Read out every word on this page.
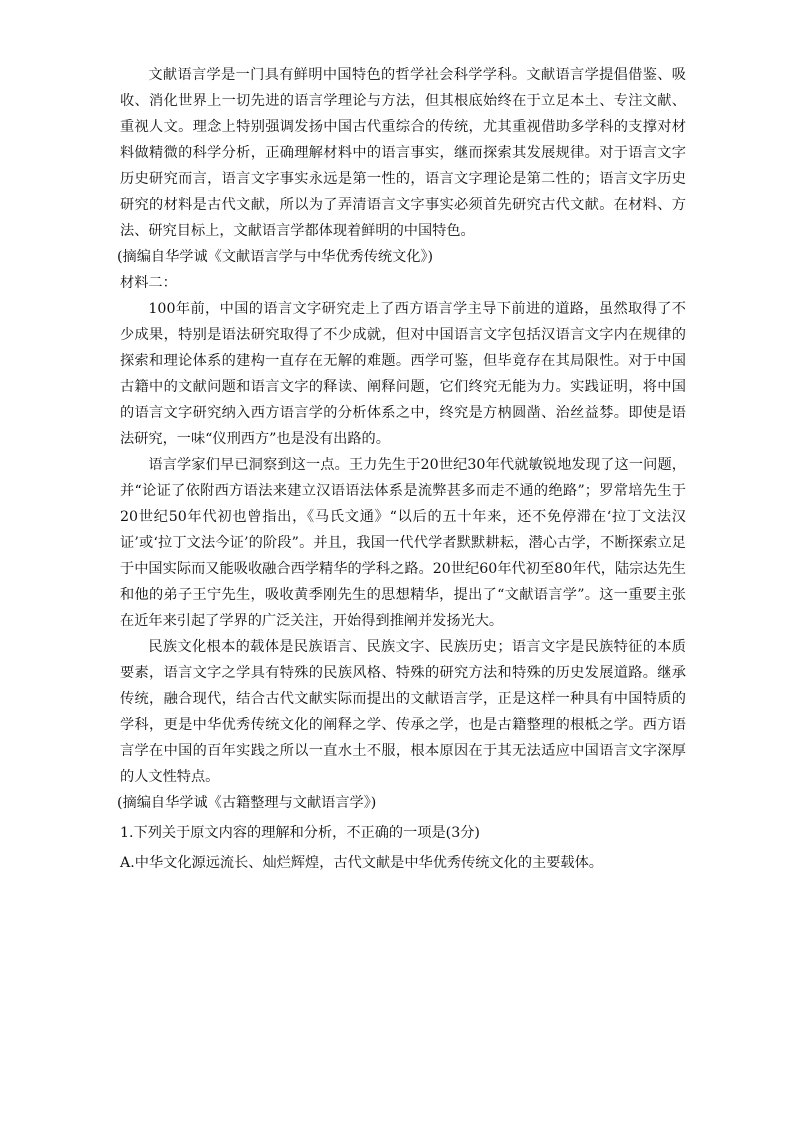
文献语言学是一门具有鲜明中国特色的哲学社会科学学科。文献语言学提倡借鉴、吸收、消化世界上一切先进的语言学理论与方法，但其根底始终在于立足本土、专注文献、重视人文。理念上特别强调发扬中国古代重综合的传统，尤其重视借助多学科的支撑对材料做精微的科学分析，正确理解材料中的语言事实，继而探索其发展规律。对于语言文字历史研究而言，语言文字事实永远是第一性的，语言文字理论是第二性的；语言文字历史研究的材料是古代文献，所以为了弄清语言文字事实必须首先研究古代文献。在材料、方法、研究目标上，文献语言学都体现着鲜明的中国特色。

(摘编自华学诚《文献语言学与中华优秀传统文化》)

材料二：

100年前，中国的语言文字研究走上了西方语言学主导下前进的道路，虽然取得了不少成果，特别是语法研究取得了不少成就，但对中国语言文字包括汉语言文字内在规律的探索和理论体系的建构一直存在无解的难题。西学可鉴，但毕竟存在其局限性。对于中国古籍中的文献问题和语言文字的释读、阐释问题，它们终究无能为力。实践证明，将中国的语言文字研究纳入西方语言学的分析体系之中，终究是方枘圆凿、治丝益棼。即使是语法研究，一味“仪刑西方”也是没有出路的。

语言学家们早已洞察到这一点。王力先生于20世纪30年代就敏锐地发现了这一问题，并“论证了依附西方语法来建立汉语语法体系是流弊甚多而走不通的绝路”；罗常培先生于20世纪50年代初也曾指出，《马氏文通》“以后的五十年来，还不免停滞在‘拉丁文法汉证’或‘拉丁文法今证’的阶段”。并且，我国一代代学者默默耕耘，潜心古学，不断探索立足于中国实际而又能吸收融合西学精华的学科之路。20世纪60年代初至80年代，陆宗达先生和他的弟子王宁先生，吸收黄季刚先生的思想精华，提出了“文献语言学”。这一重要主张在近年来引起了学界的广泛关注，开始得到推阐并发扬光大。

民族文化根本的载体是民族语言、民族文字、民族历史；语言文字是民族特征的本质要素，语言文字之学具有特殊的民族风格、特殊的研究方法和特殊的历史发展道路。继承传统，融合现代，结合古代文献实际而提出的文献语言学，正是这样一种具有中国特质的学科，更是中华优秀传统文化的阐释之学、传承之学，也是古籍整理的根柢之学。西方语言学在中国的百年实践之所以一直水土不服，根本原因在于其无法适应中国语言文字深厚的人文性特点。

(摘编自华学诚《古籍整理与文献语言学》)

1.下列关于原文内容的理解和分析，不正确的一项是(3分)

A.中华文化源远流长、灿烂辉煌，古代文献是中华优秀传统文化的主要载体。
